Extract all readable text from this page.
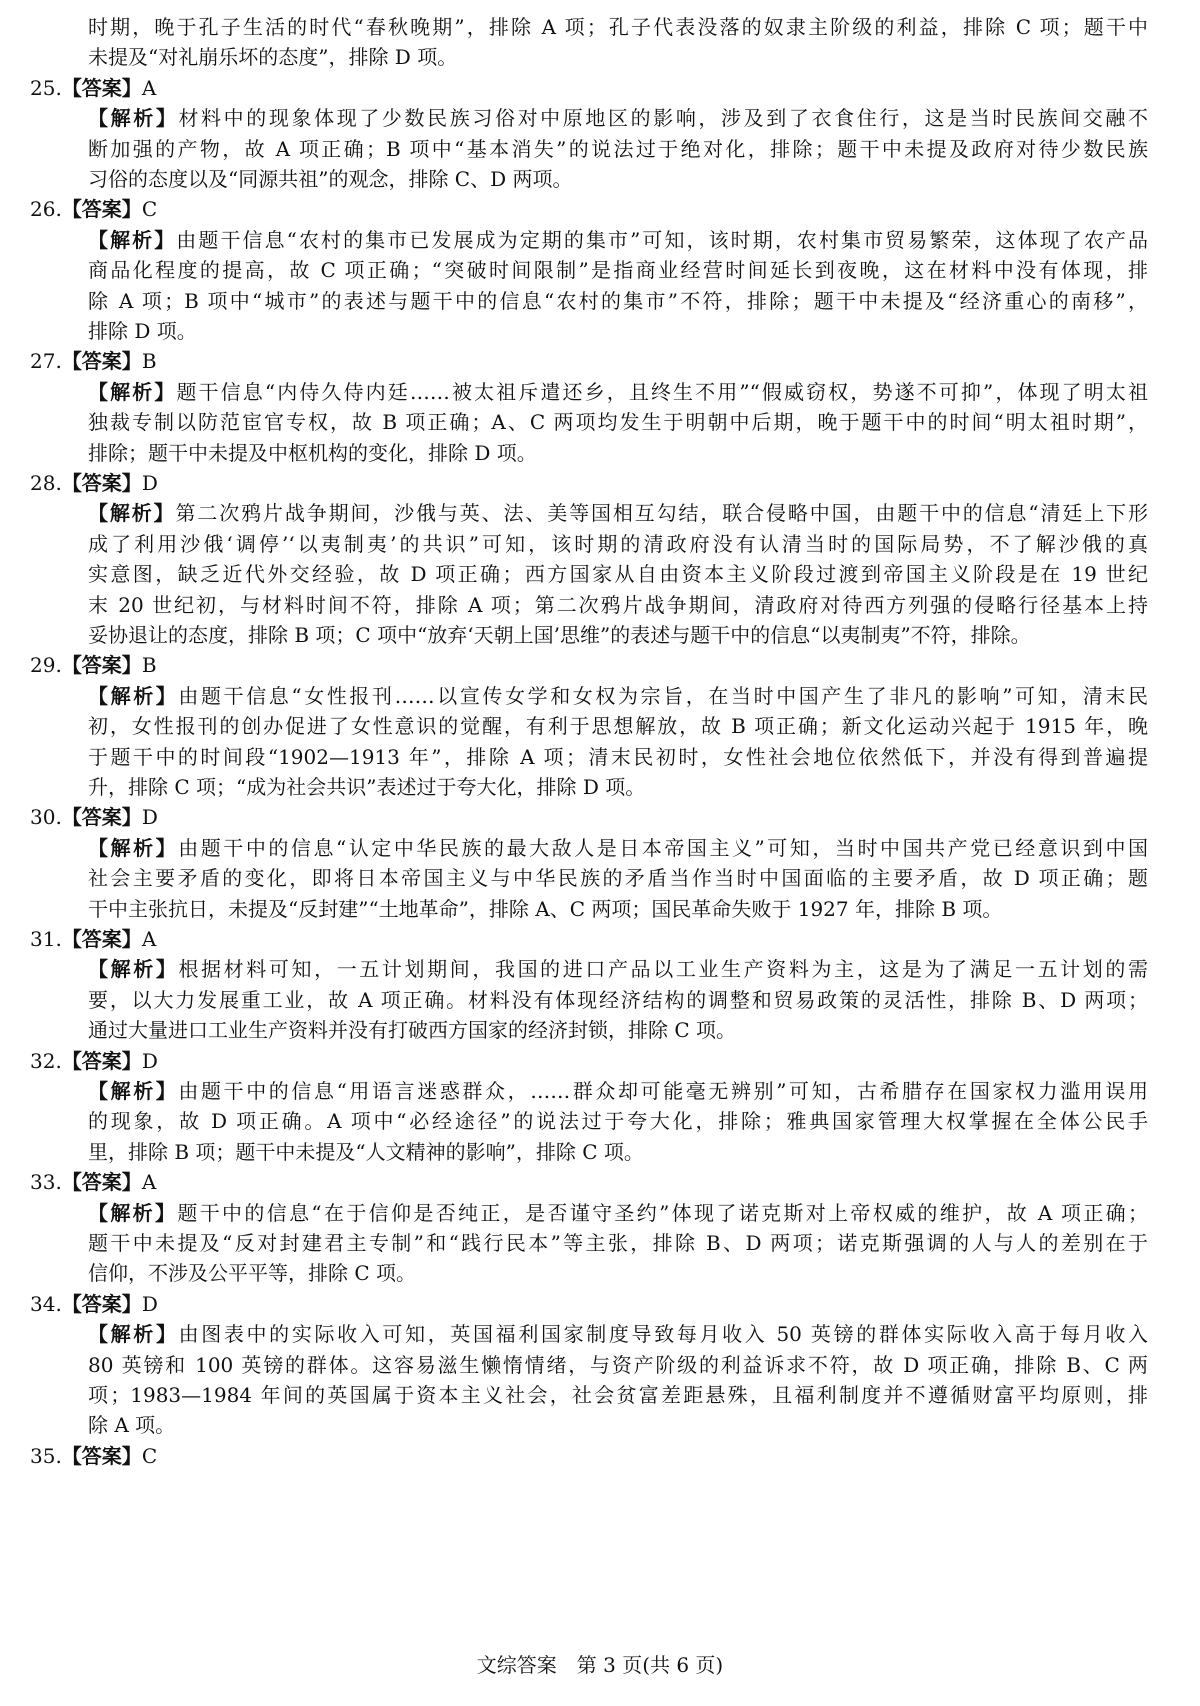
时期，晚于孔子生活的时代“春秋晚期”，排除 A 项；孔子代表没落的奴隶主阶级的利益，排除 C 项；题干中
未提及“对礼崩乐坏的态度”，排除 D 项。
25.【答案】A
【解析】材料中的现象体现了少数民族习俗对中原地区的影响，涉及到了衣食住行，这是当时民族间交融不
断加强的产物，故 A 项正确；B 项中“基本消失”的说法过于绝对化，排除；题干中未提及政府对待少数民族
习俗的态度以及“同源共祖”的观念，排除 C、D 两项。
26.【答案】C
【解析】由题干信息“农村的集市已发展成为定期的集市”可知，该时期，农村集市贸易繁荣，这体现了农产品
商品化程度的提高，故 C 项正确；“突破时间限制”是指商业经营时间延长到夜晚，这在材料中没有体现，排
除 A 项；B 项中“城市”的表述与题干中的信息“农村的集市”不符，排除；题干中未提及“经济重心的南移”，
排除 D 项。
27.【答案】B
【解析】题干信息“内侍久侍内廷……被太祖斥遣还乡，且终生不用”“假威窃权，势遂不可抑”，体现了明太祖
独裁专制以防范宦官专权，故 B 项正确；A、C 两项均发生于明朝中后期，晚于题干中的时间“明太祖时期”，
排除；题干中未提及中枢机构的变化，排除 D 项。
28.【答案】D
【解析】第二次鸦片战争期间，沙俄与英、法、美等国相互勾结，联合侵略中国，由题干中的信息“清廷上下形
成了利用沙俄‘调停’‘以夷制夷’的共识”可知，该时期的清政府没有认清当时的国际局势，不了解沙俄的真
实意图，缺乏近代外交经验，故 D 项正确；西方国家从自由资本主义阶段过渡到帝国主义阶段是在 19 世纪
末 20 世纪初，与材料时间不符，排除 A 项；第二次鸦片战争期间，清政府对待西方列强的侵略行径基本上持
妥协退让的态度，排除 B 项；C 项中“放弃‘天朝上国’思维”的表述与题干中的信息“以夷制夷”不符，排除。
29.【答案】B
【解析】由题干信息“女性报刊……以宣传女学和女权为宗旨，在当时中国产生了非凡的影响”可知，清末民
初，女性报刊的创办促进了女性意识的觉醒，有利于思想解放，故 B 项正确；新文化运动兴起于 1915 年，晚
于题干中的时间段“1902—1913 年”，排除 A 项；清末民初时，女性社会地位依然低下，并没有得到普遍提
升，排除 C 项；“成为社会共识”表述过于夸大化，排除 D 项。
30.【答案】D
【解析】由题干中的信息“认定中华民族的最大敌人是日本帝国主义”可知，当时中国共产党已经意识到中国
社会主要矛盾的变化，即将日本帝国主义与中华民族的矛盾当作当时中国面临的主要矛盾，故 D 项正确；题
干中主张抗日，未提及“反封建”“土地革命”，排除 A、C 两项；国民革命失败于 1927 年，排除 B 项。
31.【答案】A
【解析】根据材料可知，一五计划期间，我国的进口产品以工业生产资料为主，这是为了满足一五计划的需
要，以大力发展重工业，故 A 项正确。材料没有体现经济结构的调整和贸易政策的灵活性，排除 B、D 两项；
通过大量进口工业生产资料并没有打破西方国家的经济封锁，排除 C 项。
32.【答案】D
【解析】由题干中的信息“用语言迷惑群众，……群众却可能毫无辨别”可知，古希腊存在国家权力滥用误用
的现象，故 D 项正确。A 项中“必经途径”的说法过于夸大化，排除；雅典国家管理大权掌握在全体公民手
里，排除 B 项；题干中未提及“人文精神的影响”，排除 C 项。
33.【答案】A
【解析】题干中的信息“在于信仰是否纯正，是否谨守圣约”体现了诺克斯对上帝权威的维护，故 A 项正确；
题干中未提及“反对封建君主专制”和“践行民本”等主张，排除 B、D 两项；诺克斯强调的人与人的差别在于
信仰，不涉及公平平等，排除 C 项。
34.【答案】D
【解析】由图表中的实际收入可知，英国福利国家制度导致每月收入 50 英镑的群体实际收入高于每月收入
80 英镑和 100 英镑的群体。这容易滋生懒惰情绪，与资产阶级的利益诉求不符，故 D 项正确，排除 B、C 两
项；1983—1984 年间的英国属于资本主义社会，社会贫富差距悬殊，且福利制度并不遵循财富平均原则，排
除 A 项。
35.【答案】C
文综答案　第 3 页(共 6 页)
